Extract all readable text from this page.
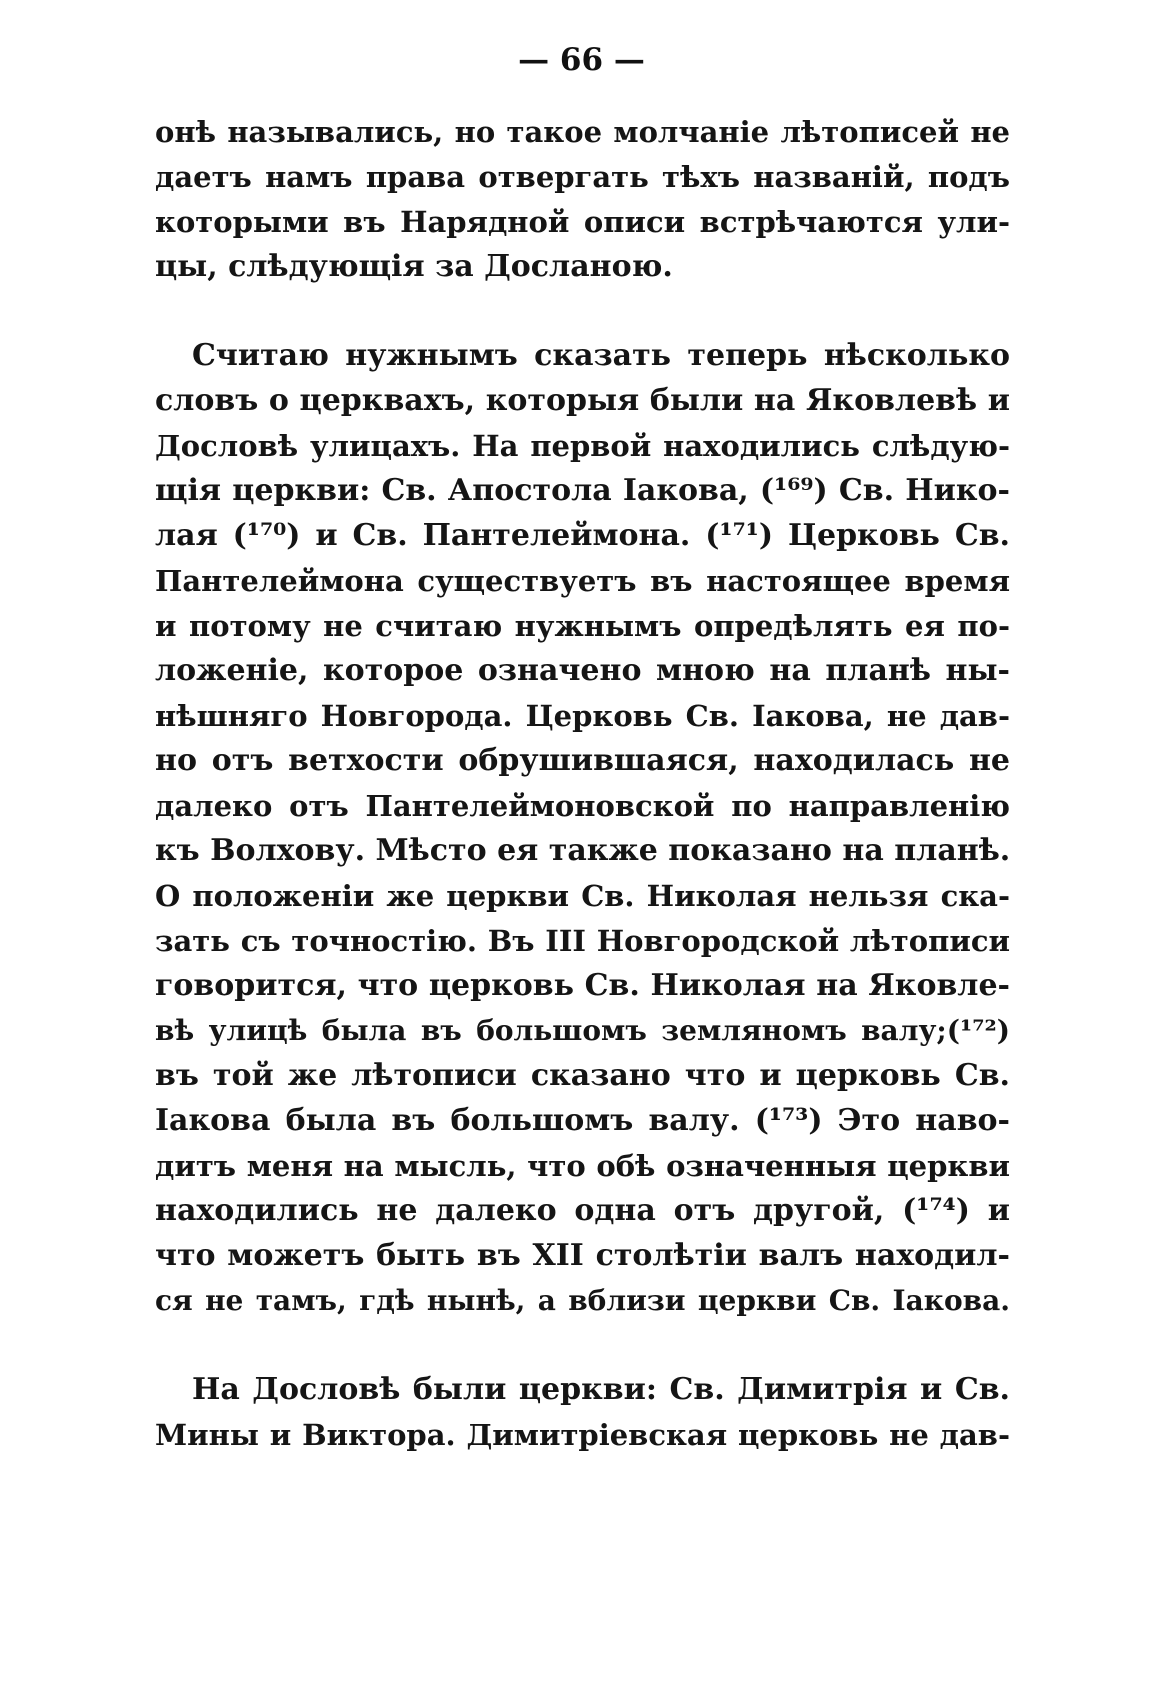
— 66 —

онѣ назывались, но такое молчаніе лѣтописей не

даетъ намъ права отвергать тѣхъ названій, подъ

которыми въ Нарядной описи встрѣчаются ули-

цы, слѣдующія за Досланою.

Считаю нужнымъ сказать теперь нѣсколько

словъ о церквахъ, которыя были на Яковлевѣ и

Дословѣ улицахъ. На первой находились слѣдую-

щія церкви: Св. Апостола Іакова, (¹⁶⁹) Св. Нико-

лая (¹⁷⁰) и Св. Пантелеймона. (¹⁷¹) Церковь Св.

Пантелеймона существуетъ въ настоящее время

и потому не считаю нужнымъ опредѣлять ея по-

ложеніе, которое означено мною на планѣ ны-

нѣшняго Новгорода. Церковь Св. Іакова, не дав-

но отъ ветхости обрушившаяся, находилась не

далеко отъ Пантелеймоновской по направленію

къ Волхову. Мѣсто ея также показано на планѣ.

О положеніи же церкви Св. Николая нельзя ска-

зать съ точностію. Въ III Новгородской лѣтописи

говорится, что церковь Св. Николая на Яковле-

вѣ улицѣ была въ большомъ земляномъ валу;(¹⁷²)

въ той же лѣтописи сказано что и церковь Св.

Іакова была въ большомъ валу. (¹⁷³) Это наво-

дитъ меня на мысль, что обѣ означенныя церкви

находились не далеко одна отъ другой, (¹⁷⁴) и

что можетъ быть въ XII столѣтіи валъ находил-

ся не тамъ, гдѣ нынѣ, а вблизи церкви Св. Іакова.

На Дословѣ были церкви: Св. Димитрія и Св.

Мины и Виктора. Димитріевская церковь не дав-
